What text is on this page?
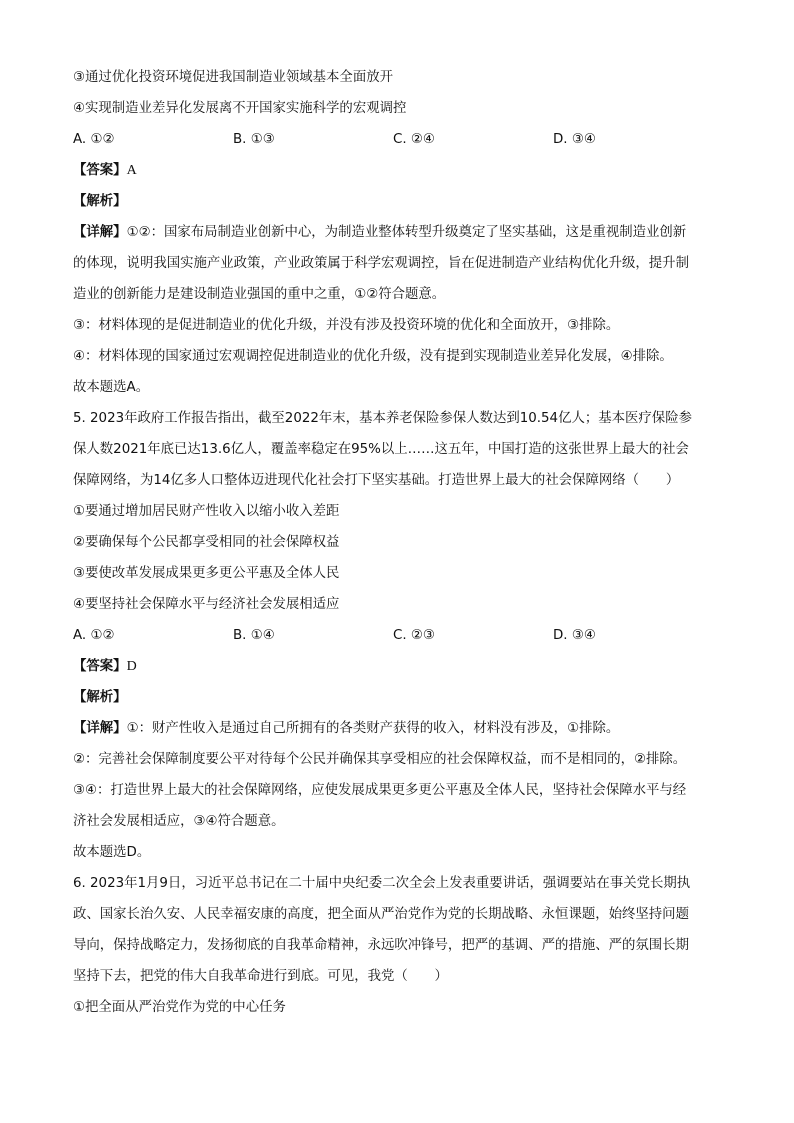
③通过优化投资环境促进我国制造业领域基本全面放开
④实现制造业差异化发展离不开国家实施科学的宏观调控
A. ①②	B. ①③	C. ②④	D. ③④
【答案】A
【解析】
【详解】①②：国家布局制造业创新中心，为制造业整体转型升级奠定了坚实基础，这是重视制造业创新
的体现，说明我国实施产业政策，产业政策属于科学宏观调控，旨在促进制造产业结构优化升级，提升制
造业的创新能力是建设制造业强国的重中之重，①②符合题意。
③：材料体现的是促进制造业的优化升级，并没有涉及投资环境的优化和全面放开，③排除。
④：材料体现的国家通过宏观调控促进制造业的优化升级，没有提到实现制造业差异化发展，④排除。
故本题选A。
5. 2023年政府工作报告指出，截至2022年末，基本养老保险参保人数达到10.54亿人；基本医疗保险参
保人数2021年底已达13.6亿人，覆盖率稳定在95%以上……这五年，中国打造的这张世界上最大的社会
保障网络，为14亿多人口整体迈进现代化社会打下坚实基础。打造世界上最大的社会保障网络（　　）
①要通过增加居民财产性收入以缩小收入差距
②要确保每个公民都享受相同的社会保障权益
③要使改革发展成果更多更公平惠及全体人民
④要坚持社会保障水平与经济社会发展相适应
A. ①②	B. ①④	C. ②③	D. ③④
【答案】D
【解析】
【详解】①：财产性收入是通过自己所拥有的各类财产获得的收入，材料没有涉及，①排除。
②：完善社会保障制度要公平对待每个公民并确保其享受相应的社会保障权益，而不是相同的，②排除。
③④：打造世界上最大的社会保障网络，应使发展成果更多更公平惠及全体人民，坚持社会保障水平与经
济社会发展相适应，③④符合题意。
故本题选D。
6. 2023年1月9日，习近平总书记在二十届中央纪委二次全会上发表重要讲话，强调要站在事关党长期执
政、国家长治久安、人民幸福安康的高度，把全面从严治党作为党的长期战略、永恒课题，始终坚持问题
导向，保持战略定力，发扬彻底的自我革命精神，永远吹冲锋号，把严的基调、严的措施、严的氛围长期
坚持下去，把党的伟大自我革命进行到底。可见，我党（　　）
①把全面从严治党作为党的中心任务
